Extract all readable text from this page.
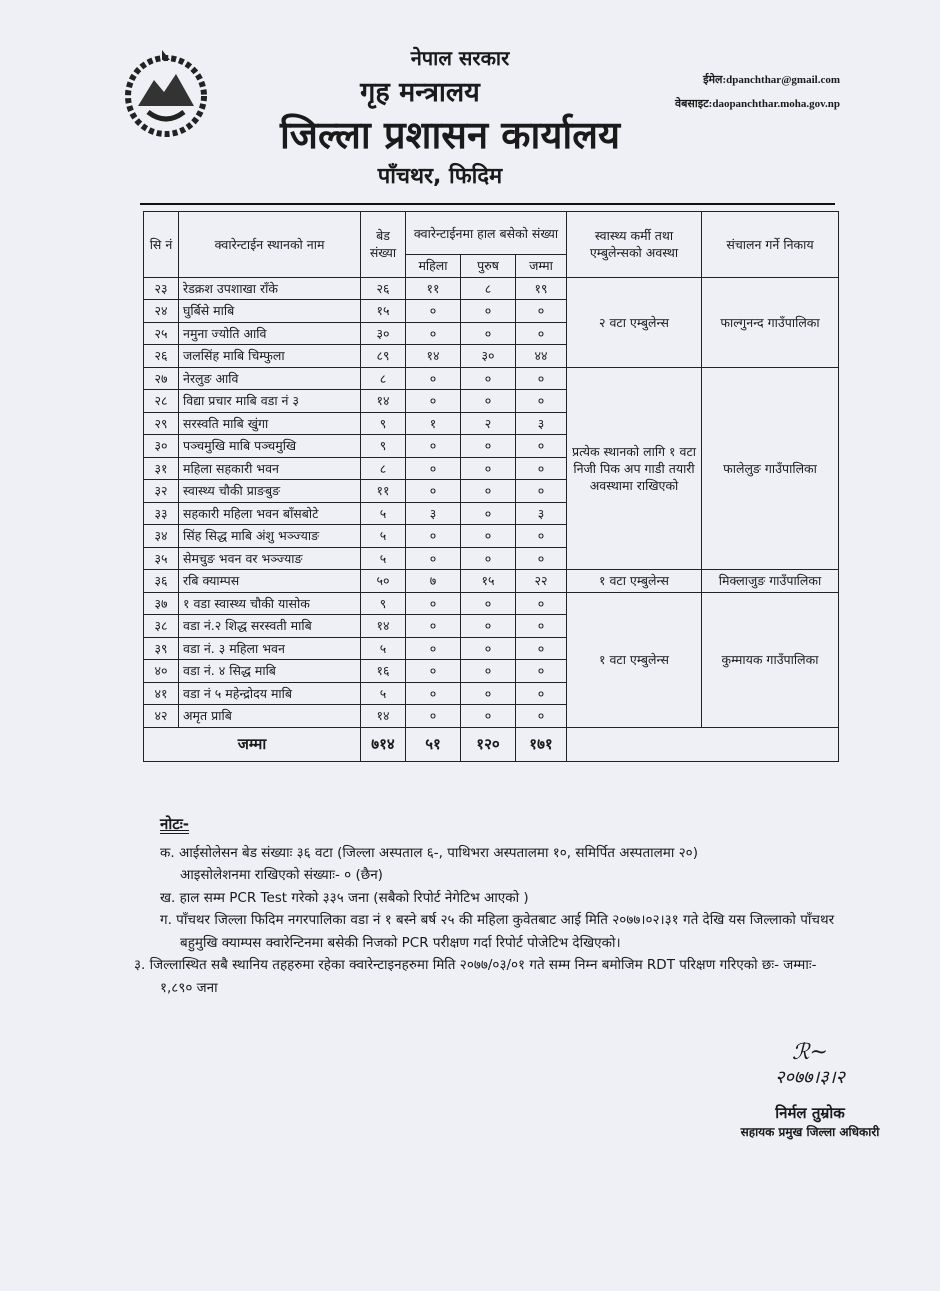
नेपाल सरकार
गृह मन्त्रालय
जिल्ला प्रशासन कार्यालय
पाँचथर, फिदिम
ईमेल:dpanchthar@gmail.com
वेबसाइट:daopanchthar.moha.gov.np
सि नं	क्वारेन्टाईन स्थानको नाम	बेड संख्या	क्वारेन्टाईनमा हाल बसेको संख्या			स्वास्थ्य कर्मी तथा एम्बुलेन्सको अवस्था	संचालन गर्ने निकाय
			महिला	पुरुष	जम्मा		
२३	रेडक्रश उपशाखा राँके	२६	११	८	१९	२ वटा एम्बुलेन्स	फाल्गुनन्द गाउँपालिका
२४	घुर्बिसे माबि	१५	०	०	०		
२५	नमुना ज्योति आवि	३०	०	०	०		
२६	जलसिंह माबि चिम्फुला	८९	१४	३०	४४		
२७	नेरलुङ आवि	८	०	०	०	प्रत्येक स्थानको लागि १ वटा निजी पिक अप गाडी तयारी अवस्थामा राखिएको	फालेलुङ गाउँपालिका
२८	विद्या प्रचार माबि वडा नं ३	१४	०	०	०		
२९	सरस्वति माबि खुंगा	९	१	२	३		
३०	पञ्चमुखि माबि पञ्चमुखि	९	०	०	०		
३१	महिला सहकारी भवन	८	०	०	०		
३२	स्वास्थ्य चौकी प्राङबुङ	११	०	०	०		
३३	सहकारी महिला भवन बाँसबोटे	५	३	०	३		
३४	सिंह सिद्ध माबि अंशु भञ्ज्याङ	५	०	०	०		
३५	सेमचुङ भवन वर भञ्ज्याङ	५	०	०	०		
३६	रबि क्याम्पस	५०	७	१५	२२	१ वटा एम्बुलेन्स	मिक्लाजुङ गाउँपालिका
३७	१ वडा स्वास्थ्य चौकी यासोक	९	०	०	०	१ वटा एम्बुलेन्स	कुम्मायक गाउँपालिका
३८	वडा नं.२ शिद्ध सरस्वती माबि	१४	०	०	०		
३९	वडा नं. ३ महिला भवन	५	०	०	०		
४०	वडा नं. ४ सिद्ध माबि	१६	०	०	०		
४१	वडा नं ५ महेन्द्रोदय माबि	५	०	०	०		
४२	अमृत प्राबि	१४	०	०	०		
जम्मा		७१४	५१	१२०	१७१		
नोटः-
क. आईसोलेसन बेड संख्याः ३६ वटा (जिल्ला अस्पताल ६-, पाथिभरा अस्पतालमा १०, समिर्पित अस्पतालमा २०)
आइसोलेशनमा राखिएको संख्याः- ० (छैन)
ख. हाल सम्म PCR Test गरेको ३३५ जना (सबैको रिपोर्ट नेगेटिभ आएको )
ग. पाँचथर जिल्ला फिदिम नगरपालिका वडा नं १ बस्ने बर्ष २५ की महिला कुवेतबाट आई मिति २०७७।०२।३१ गते देखि यस जिल्लाको पाँचथर बहुमुखि क्याम्पस क्वारेन्टिनमा बसेकी निजको PCR परीक्षण गर्दा रिपोर्ट पोजेटिभ देखिएको।
३. जिल्लास्थित सबै स्थानिय तहहरुमा रहेका क्वारेन्टाइनहरुमा मिति २०७७/०३/०१ गते सम्म निम्न बमोजिम RDT परिक्षण गरिएको छः- जम्माः- १,८९० जना
ℛ~
२०७७।३।२
निर्मल तुम्रोक
सहायक प्रमुख जिल्ला अधिकारी
